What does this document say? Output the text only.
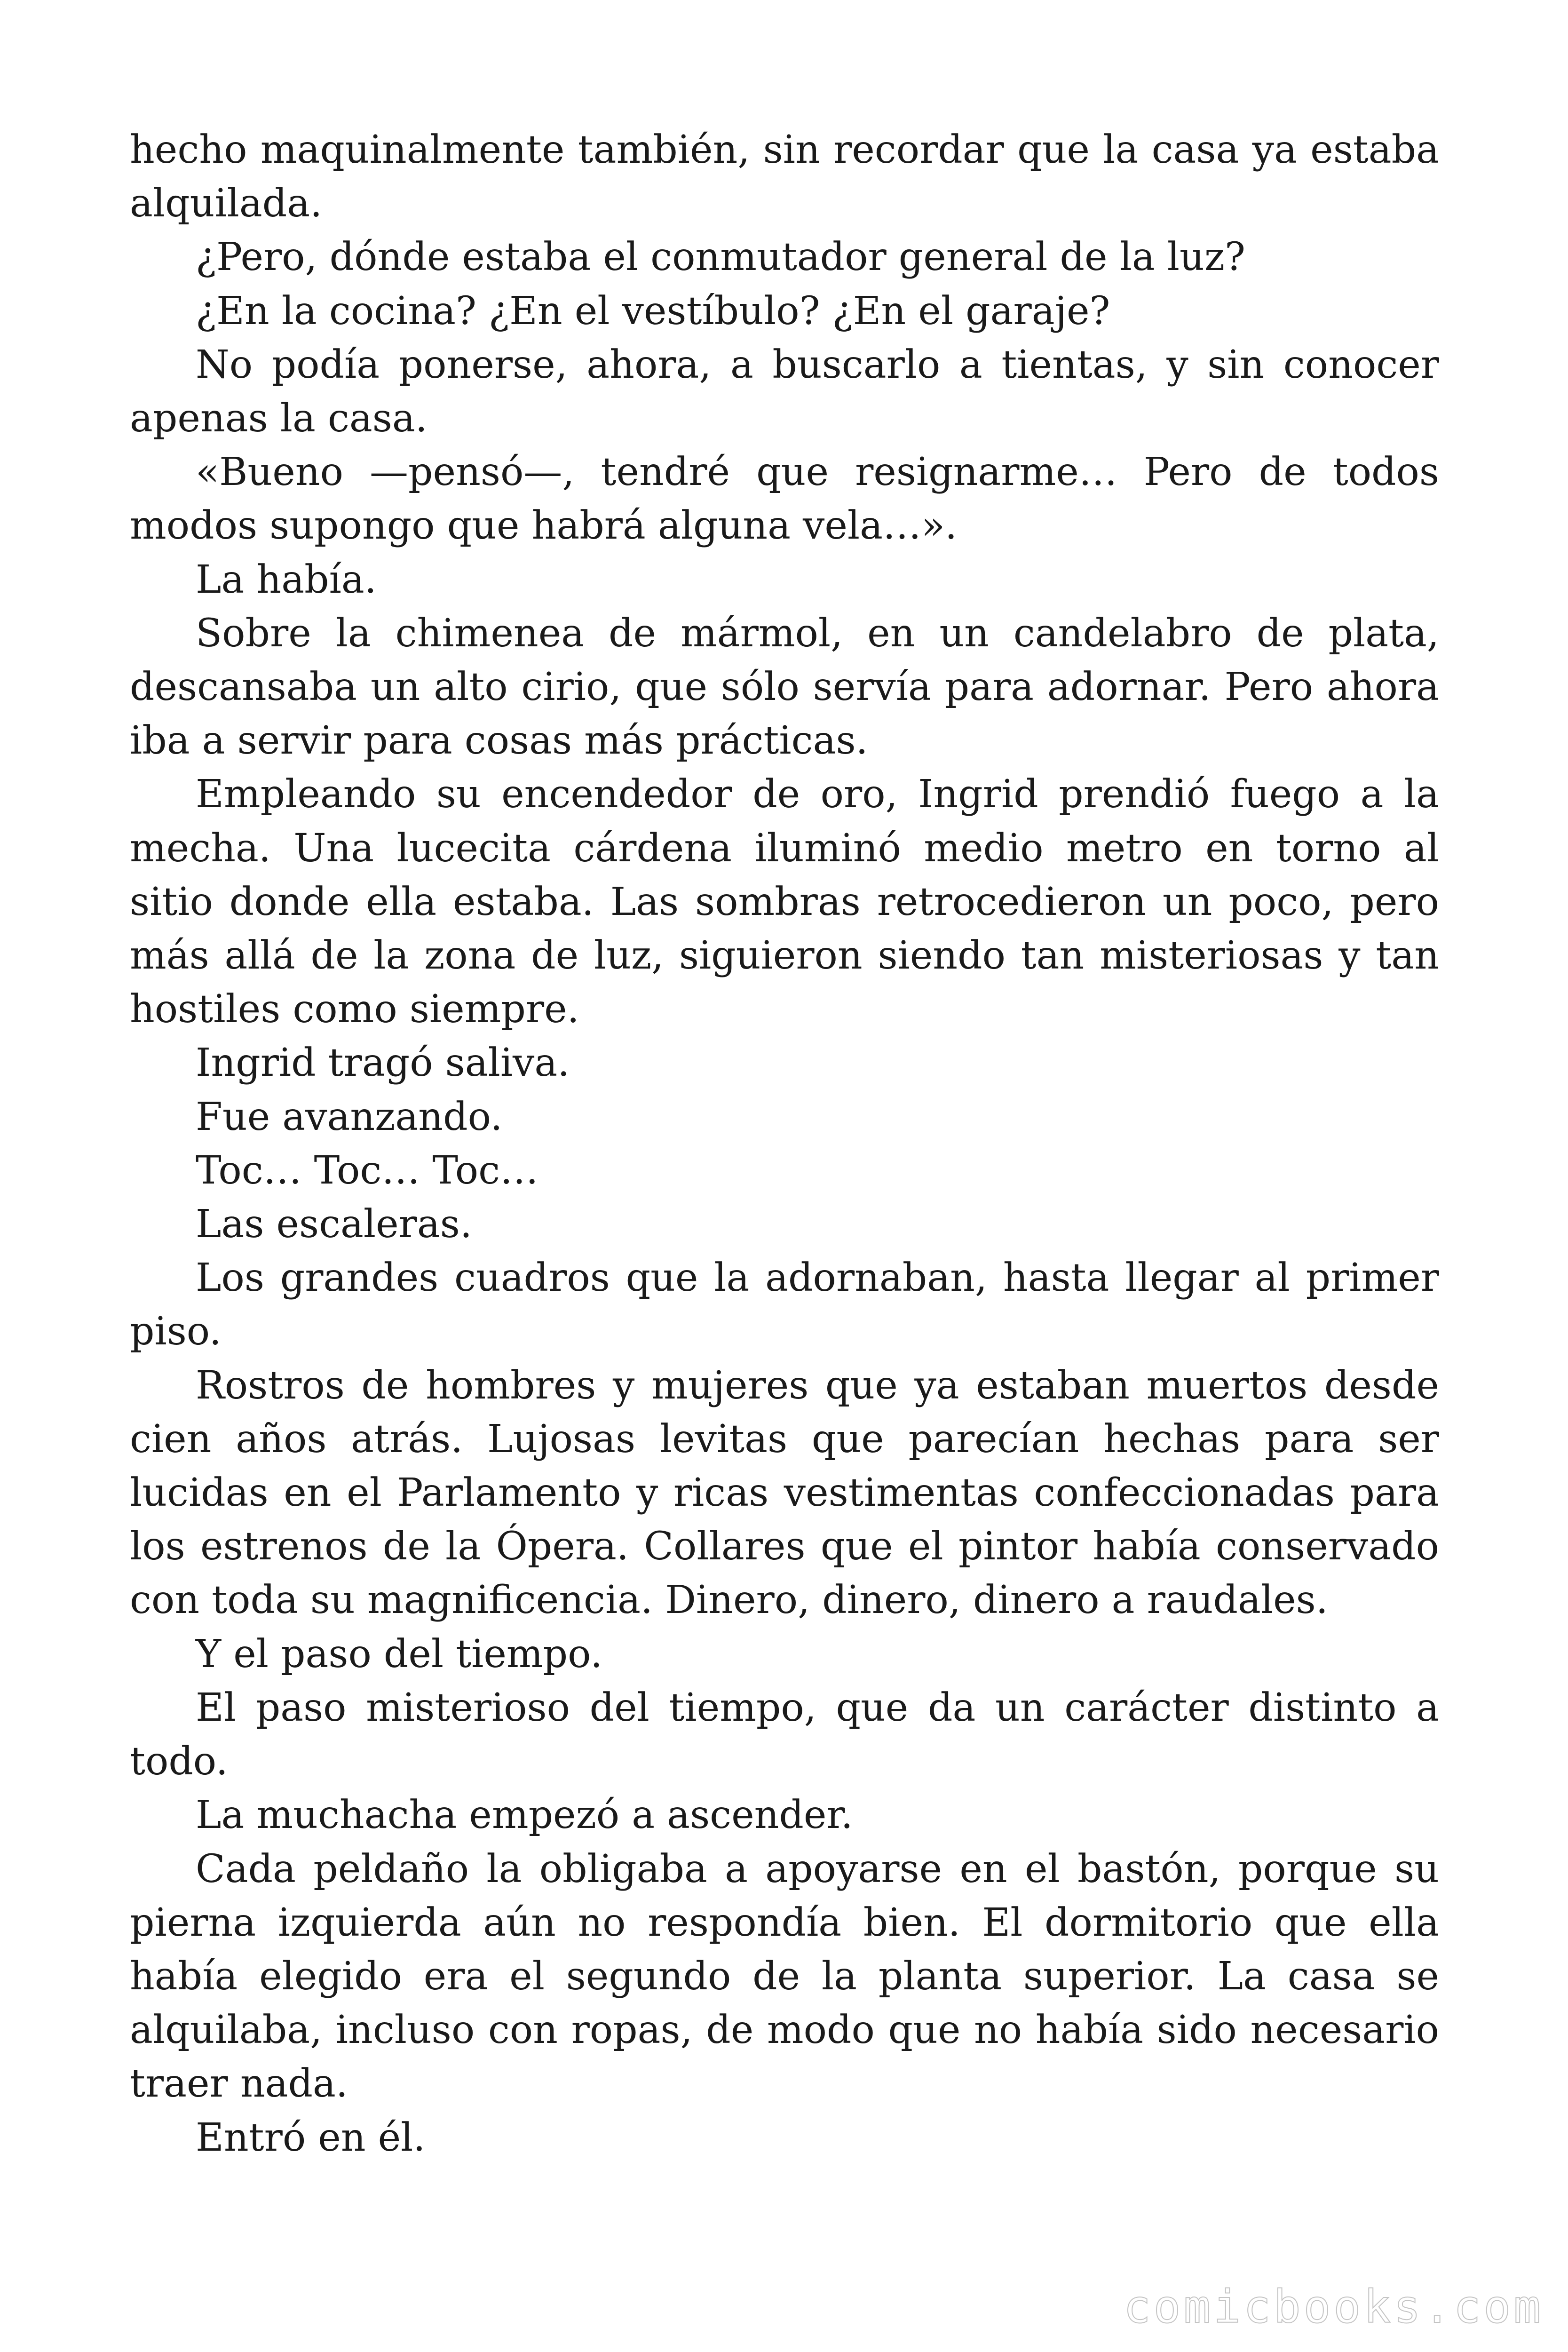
hecho maquinalmente también, sin recordar que la casa ya estaba alquilada.

¿Pero, dónde estaba el conmutador general de la luz?

¿En la cocina? ¿En el vestíbulo? ¿En el garaje?

No podía ponerse, ahora, a buscarlo a tientas, y sin conocer apenas la casa.

«Bueno —pensó—, tendré que resignarme… Pero de todos modos supongo que habrá alguna vela…».

La había.

Sobre la chimenea de mármol, en un candelabro de plata, descansaba un alto cirio, que sólo servía para adornar. Pero ahora iba a servir para cosas más prácticas.

Empleando su encendedor de oro, Ingrid prendió fuego a la mecha. Una lucecita cárdena iluminó medio metro en torno al sitio donde ella estaba. Las sombras retrocedieron un poco, pero más allá de la zona de luz, siguieron siendo tan misteriosas y tan hostiles como siempre.

Ingrid tragó saliva.

Fue avanzando.

Toc… Toc… Toc…

Las escaleras.

Los grandes cuadros que la adornaban, hasta llegar al primer piso.

Rostros de hombres y mujeres que ya estaban muertos desde cien años atrás. Lujosas levitas que parecían hechas para ser lucidas en el Parlamento y ricas vestimentas confeccionadas para los estrenos de la Ópera. Collares que el pintor había conservado con toda su magnificencia. Dinero, dinero, dinero a raudales.

Y el paso del tiempo.

El paso misterioso del tiempo, que da un carácter distinto a todo.

La muchacha empezó a ascender.

Cada peldaño la obligaba a apoyarse en el bastón, porque su pierna izquierda aún no respondía bien. El dormitorio que ella había elegido era el segundo de la planta superior. La casa se alquilaba, incluso con ropas, de modo que no había sido necesario traer nada.

Entró en él.

comicbooks.com
